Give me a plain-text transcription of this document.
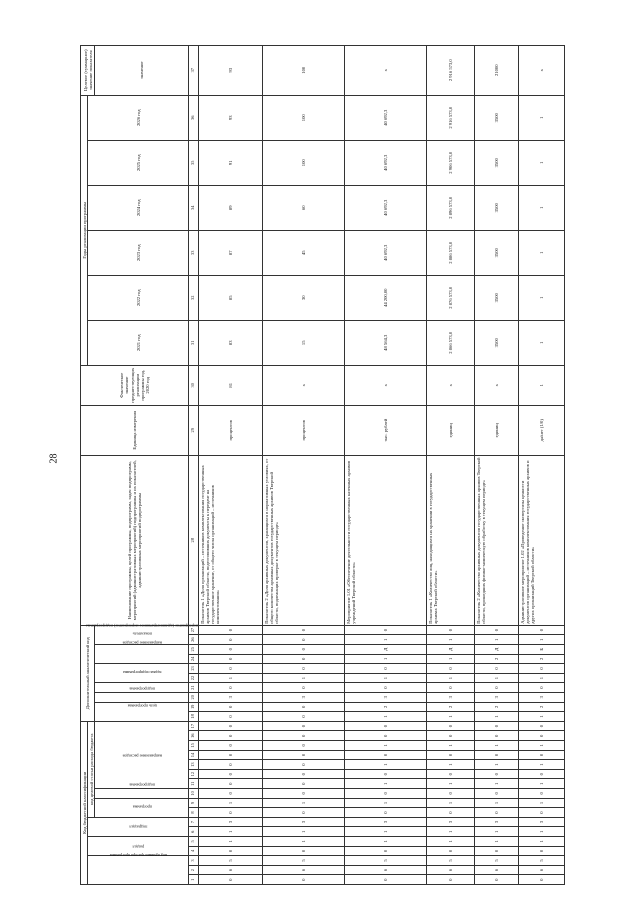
28
Код бюджетной классификации																	Дополнительный аналитический код										Наименование программы, целей программы, подпрограмм, задач подпрограмм, мероприятий (административных мероприятий) подпрограммы и их показателей, административных мероприятий подпрограммы	Единица измерения	Фактическое значение предшествующих реализации программы год, 2020 год	Годы реализации программы						Целевое (суммарное) значение показателя
код администратора программы			раздел		подраздел		код целевой статьи расхода бюджета																							2021 год	2022 год	2023 год	2024 год	2025 год	2026 год	
							программа		подпрограмма	направление расходов							цель программы		подпрограмма	задача подпрограммы	мероприятие (административное мероприятие) подпрограммы		направление расходов		показатель											значение
1	2	3	4	5	6	7	8	9	10	11	12	13	14	15	16	17	18	19	20	21	22	23	24	25	26	27	28	29	30	31	32	33	34	35	36	37
0	6	5	0	1	1	3	0	1	0	0	0	0	0	0	0	0	0	0	3	0	1	0	0	0	0	0	Показатель 1 «Доля организаций – источников комплектования государственных архивов Тверской области, подготовивших документы к передаче на государственное хранение, от общего числа организаций – источников комплектования»	процентов	81	83	85	87	89	91	93	93
0	6	5	0	1	1	3	0	1	0	0	0	0	0	0	0	0	0	0	3	0	1	0	0	0	0	0	Показатель 2 «Доля архивных документов, хранящихся в нормативных условиях, от общего количества архивных документов государственных архивов Тверской области, подлежащих проверке в текущем периоде»	процентов	x	15	30	45	60	100	100	100
0	6	5	0	1	1	3	0	1	0	1	0	1	0	1	0	0	1	2	3	0	1	0	1	Д	1	0	Мероприятие 1.01 «Обеспечение деятельности государственных казенных архивов учреждений Тверской области»	тыс. рублей	x	48 564,3	44 200,00	40 692,3	40 692,3	40 692,3	40 692,3	x
0	6	5	0	1	1	3	0	1	0	1	0	1	0	1	0	0	1	2	3	0	1	0	1	Д	1	0	Показатель 1 «Количество лиц, находящихся на хранении в государственных архивах Тверской области»	единиц	x	2 866 573,0	2 876 573,0	2 886 573,0	2 896 573,0	2 906 573,0	2 916 573,0	2 916 573,0
0	6	5	0	1	1	3	0	1	0	1	0	1	0	1	0	0	1	2	3	0	1	0	2	Д	1	0	Показатель 2 «Количество архивных документов государственных архивов Тверской области, прошедших физико-химическую обработку в текущем периоде»	единиц	x	3500	3500	3500	3500	3500	3500	21000
0	6	5	0	1	1	3	0	1	0	1	0	1	0	1	0	0	1	2	3	0	1	0	2	Б	1	0	Административное мероприятие 1.02 «Проведение экспертизы ценности документов организаций – источников комплектования государственных архивов и других организаций Тверской области»	да/нет (1/0)	1	1	1	1	1	1	1	x
